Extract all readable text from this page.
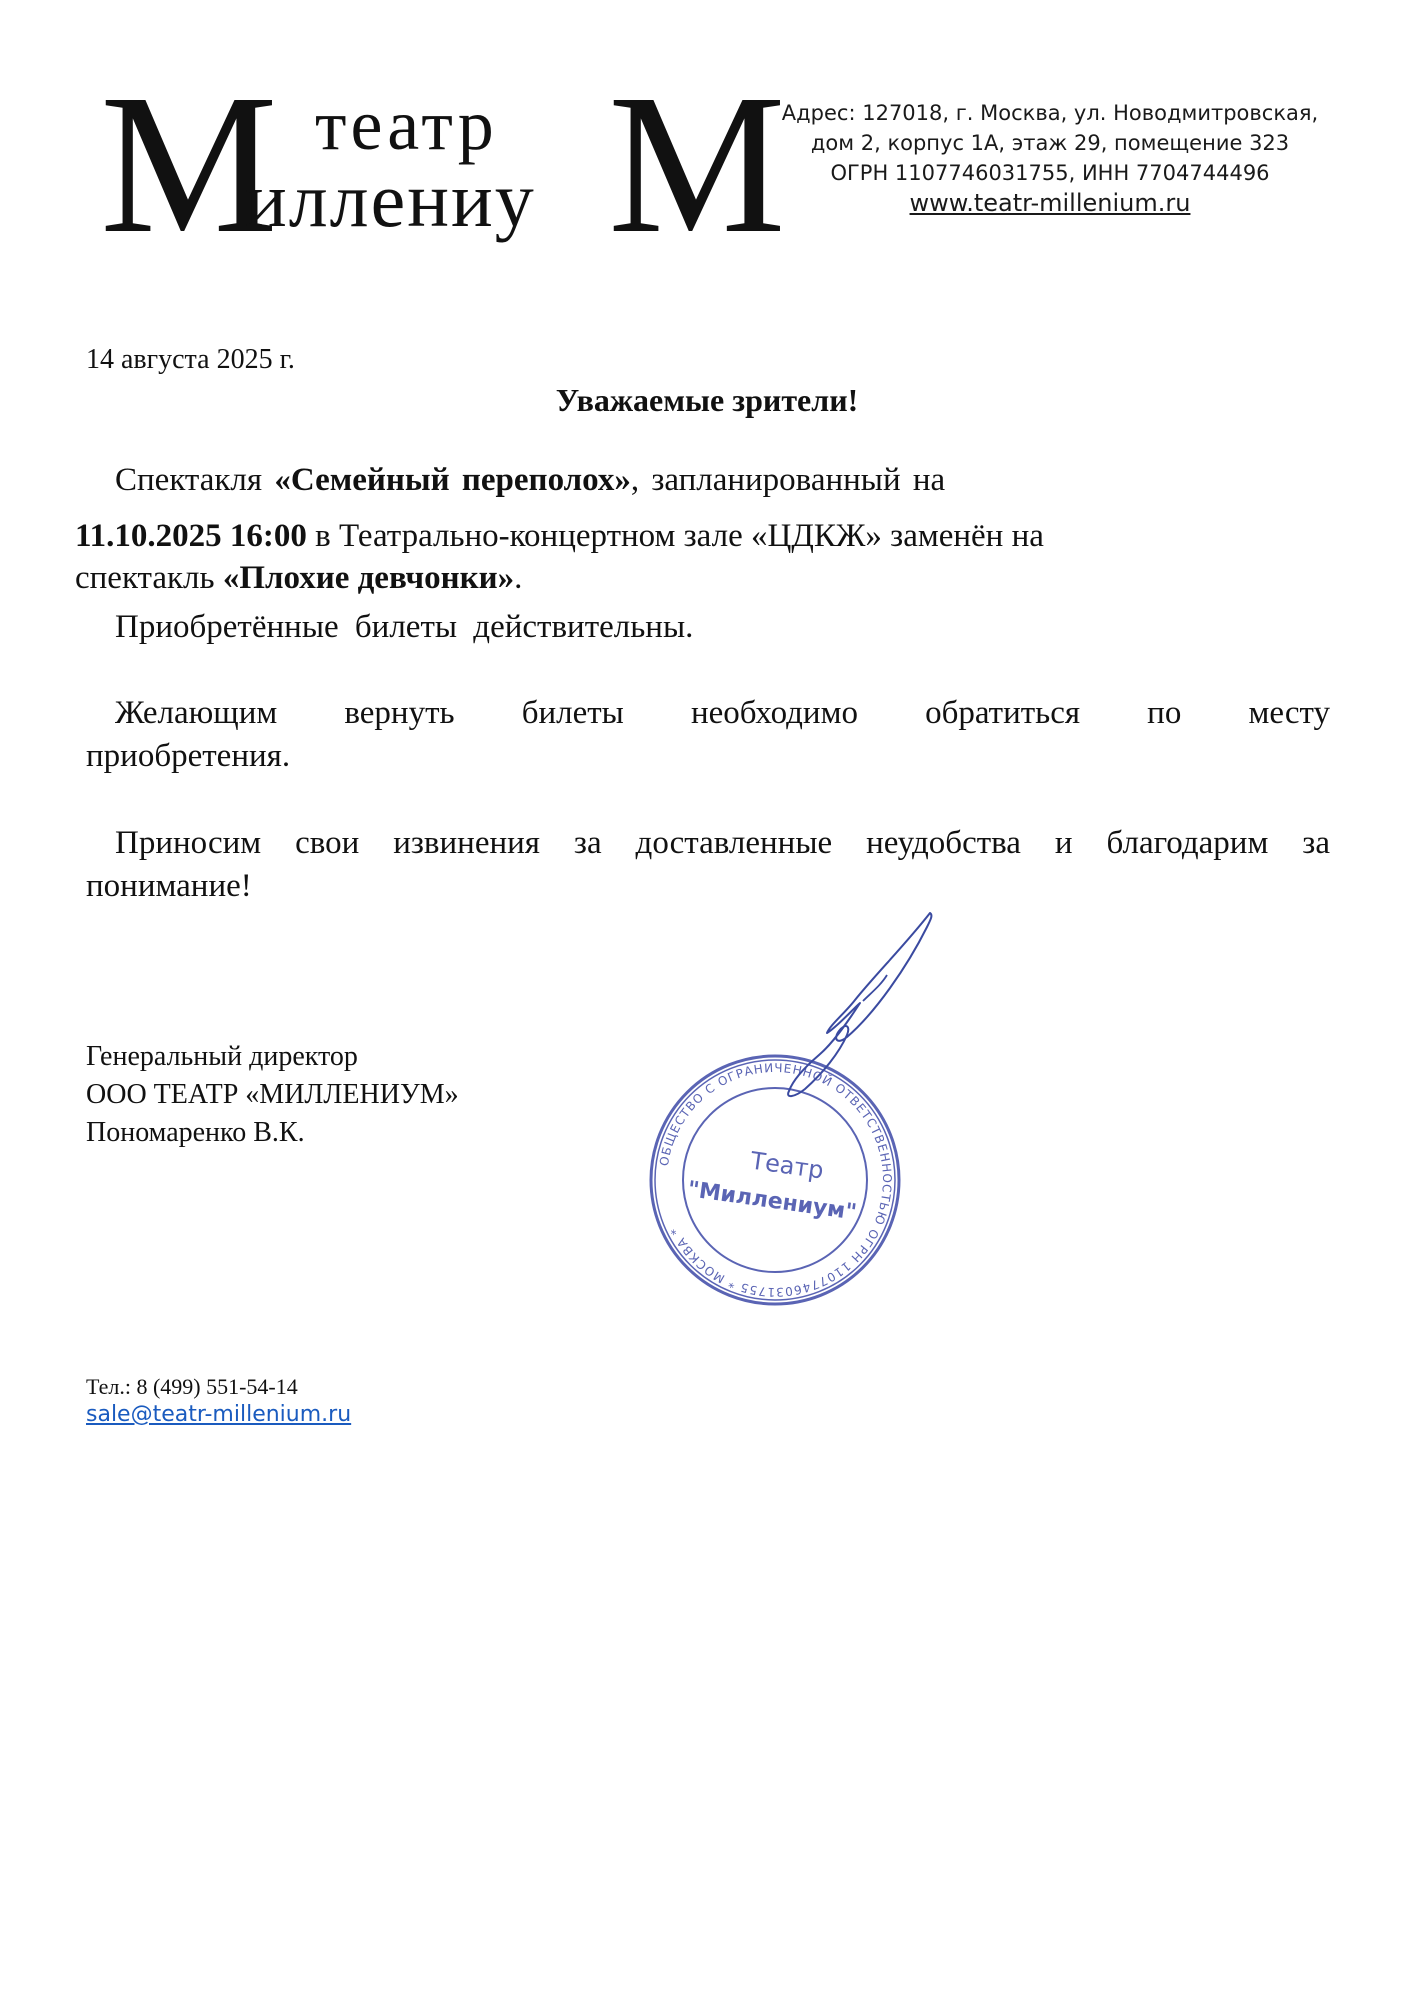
М театр
иллениу М
Адрес: 127018, г. Москва, ул. Новодмитровская,
дом 2, корпус 1А, этаж 29, помещение 323
ОГРН 1107746031755, ИНН 7704744496
www.teatr-millenium.ru
14 августа 2025 г.
Уважаемые зрители!
Спектакля «Семейный переполох», запланированный на
11.10.2025 16:00 в Театрально-концертном зале «ЦДКЖ» заменён на
спектакль «Плохие девчонки».
Приобретённые билеты действительны.
Желающим вернуть билеты необходимо обратиться по месту
приобретения.
Приносим свои извинения за доставленные неудобства и благодарим за
понимание!
Генеральный директор
ООО ТЕАТР «МИЛЛЕНИУМ»
Пономаренко В.К.
ОБЩЕСТВО С ОГРАНИЧЕННОЙ ОТВЕТСТВЕННОСТЬЮ ОГРН 1107746031755 * МОСКВА *
Театр
"Миллениум"
Тел.: 8 (499) 551-54-14
sale@teatr-millenium.ru
